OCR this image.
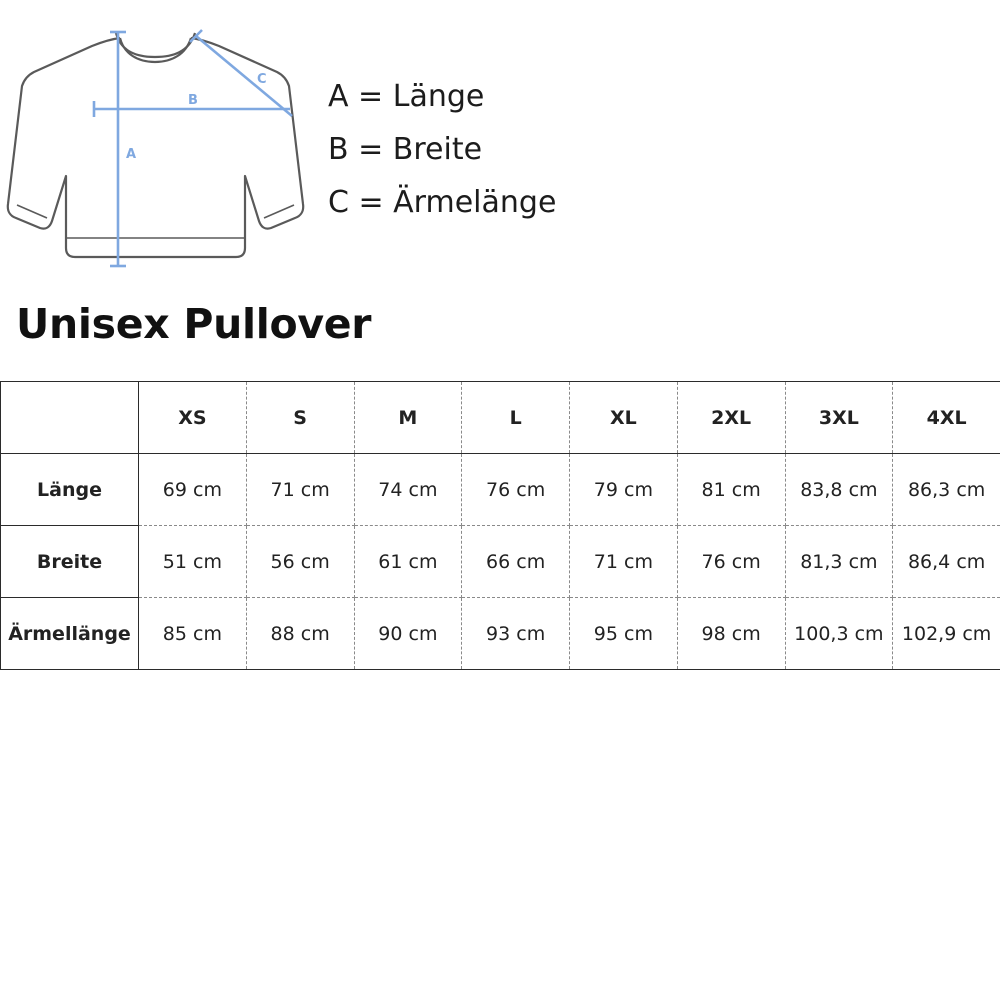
A
B
C A = Länge
B = Breite
C = Ärmelänge
Unisex Pullover
	XS	S	M	L	XL	2XL	3XL	4XL
Länge	69 cm	71 cm	74 cm	76 cm	79 cm	81 cm	83,8 cm	86,3 cm
Breite	51 cm	56 cm	61 cm	66 cm	71 cm	76 cm	81,3 cm	86,4 cm
Ärmellänge	85 cm	88 cm	90 cm	93 cm	95 cm	98 cm	100,3 cm	102,9 cm
